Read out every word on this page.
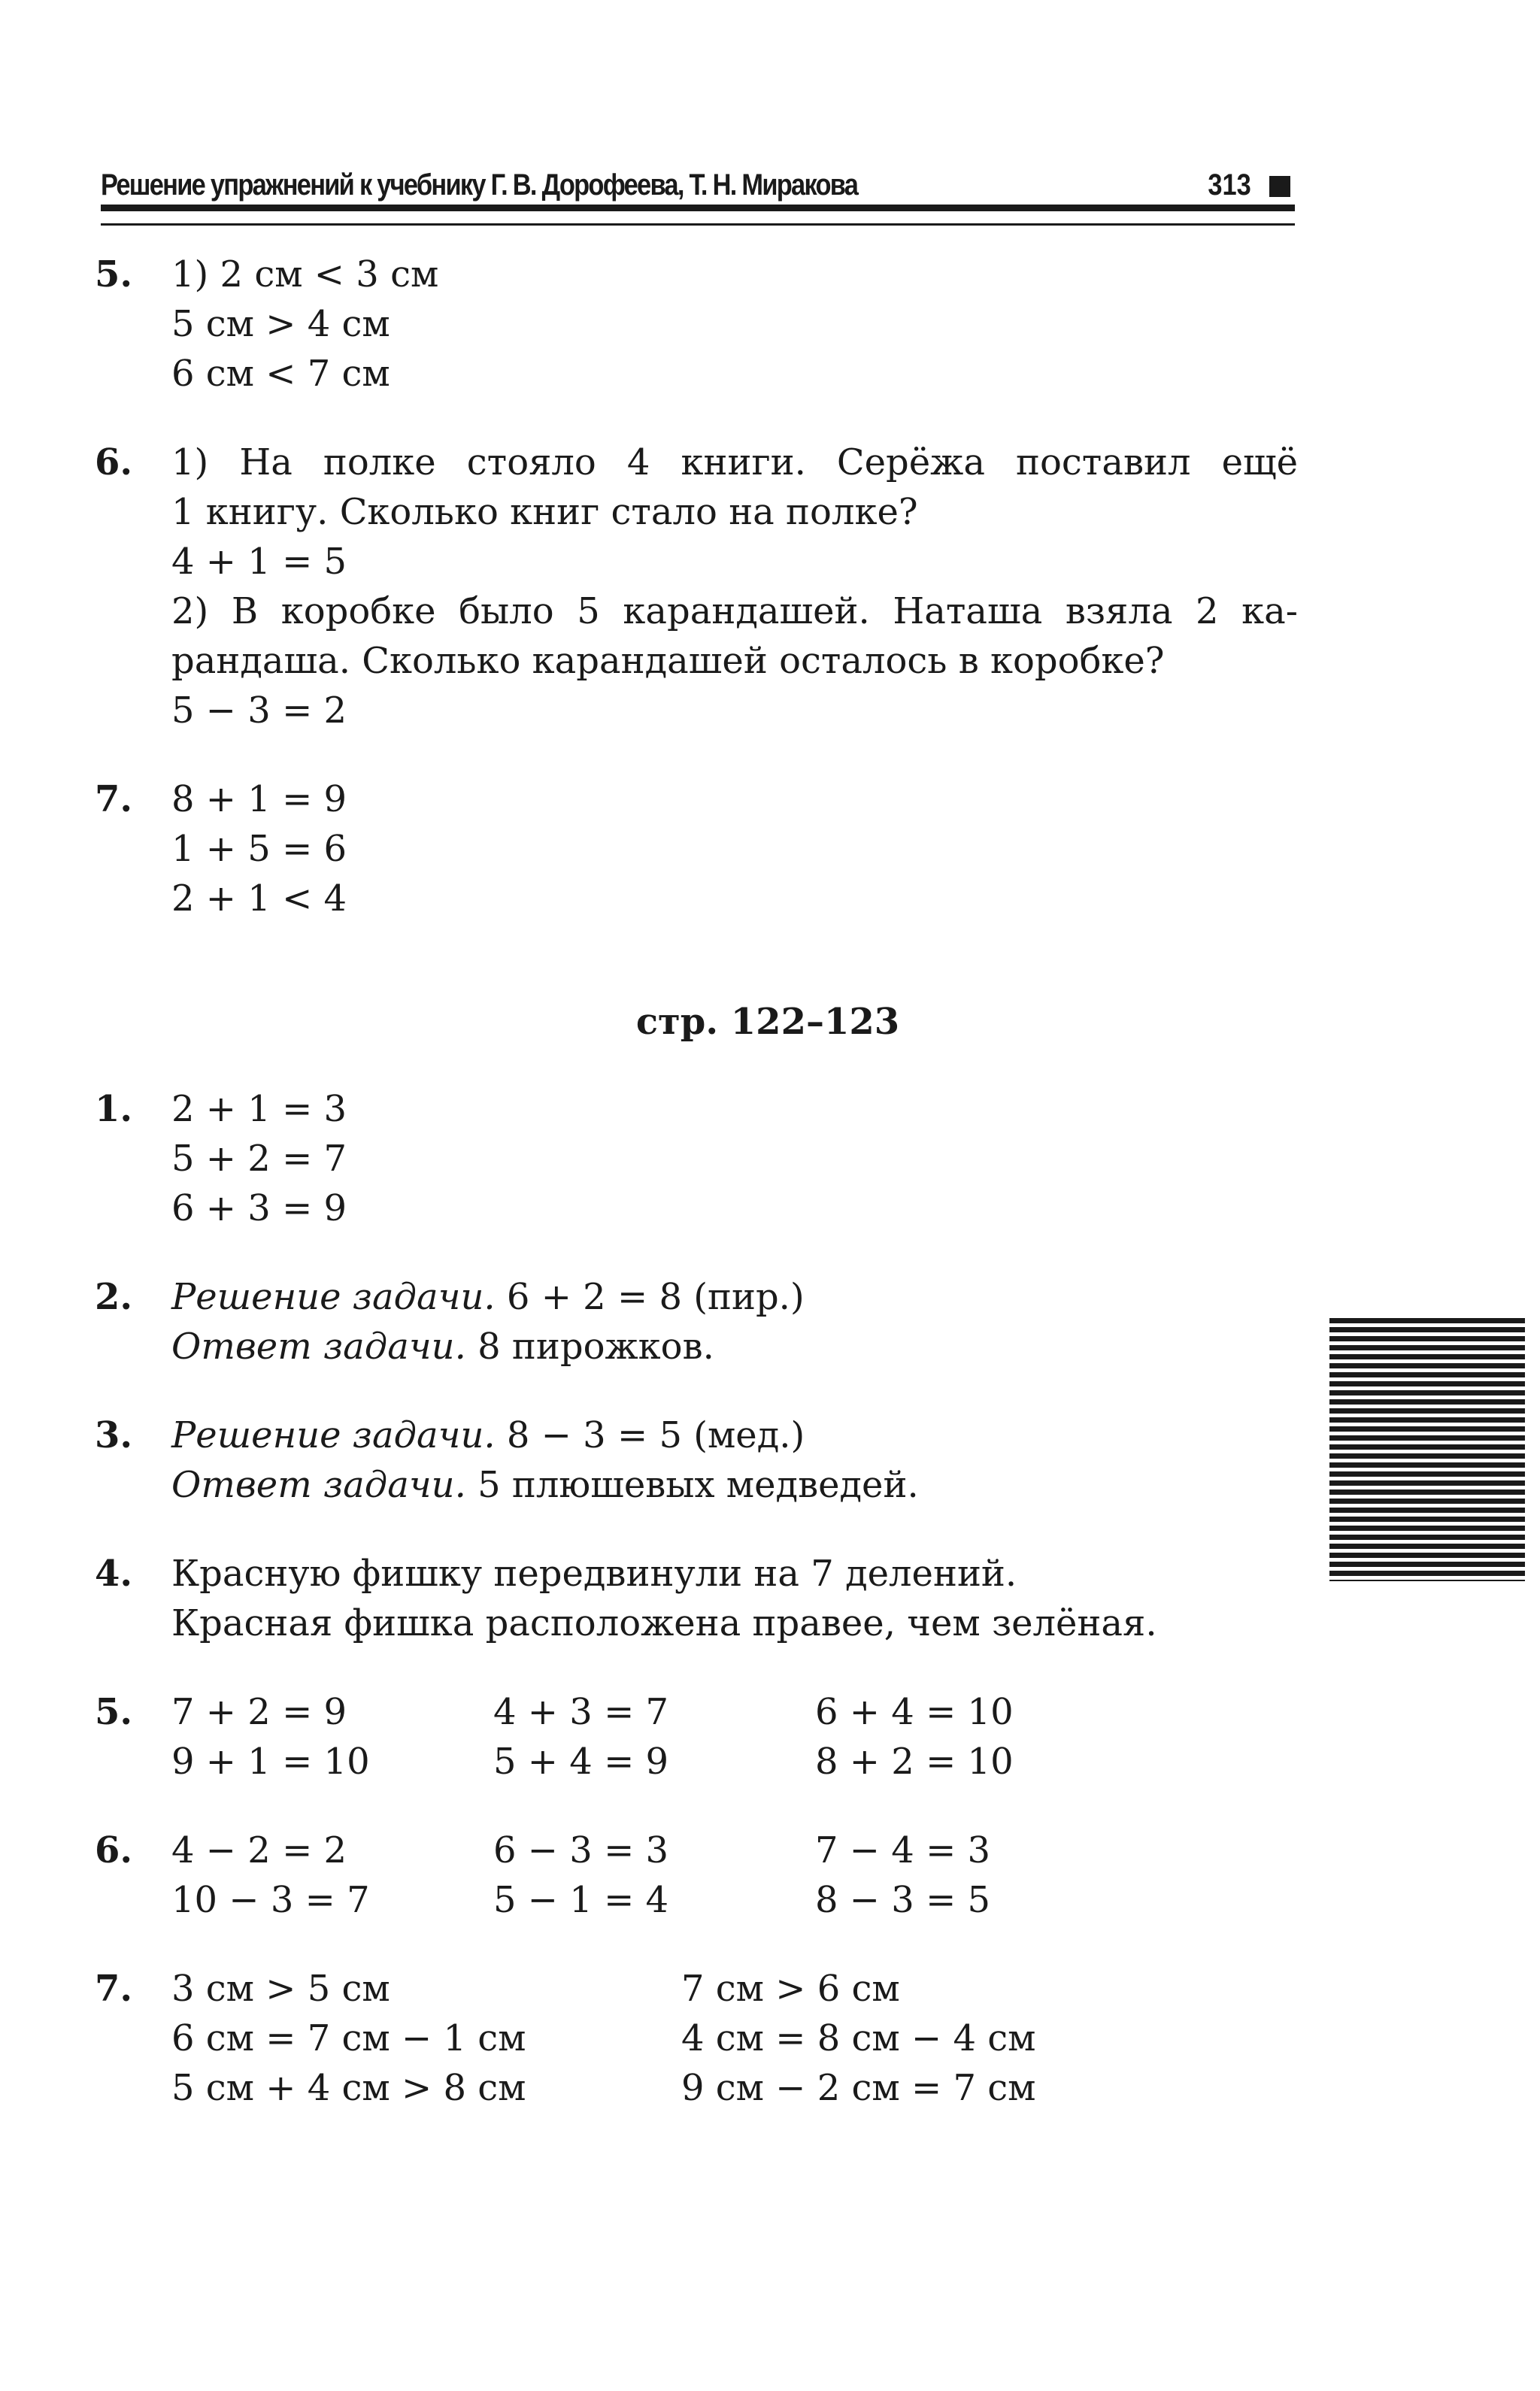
Решение упражнений к учебнику Г. В. Дорофеева, Т. Н. Миракова	313
5. 1) 2 см < 3 см
5 см > 4 см
6 см < 7 см
6. 1) На полке стояло 4 книги. Серёжа поставил ещё
1 книгу. Сколько книг стало на полке?
4 + 1 = 5
2) В коробке было 5 карандашей. Наташа взяла 2 ка-
рандаша. Сколько карандашей осталось в коробке?
5 − 3 = 2
7. 8 + 1 = 9
1 + 5 = 6
2 + 1 < 4
стр. 122–123
1. 2 + 1 = 3
5 + 2 = 7
6 + 3 = 9
2. Решение задачи. 6 + 2 = 8 (пир.)
Ответ задачи. 8 пирожков.
3. Решение задачи. 8 − 3 = 5 (мед.)
Ответ задачи. 5 плюшевых медведей.
4. Красную фишку передвинули на 7 делений.
Красная фишка расположена правее, чем зелёная.
5. 7 + 2 = 9	4 + 3 = 7	6 + 4 = 10
9 + 1 = 10	5 + 4 = 9	8 + 2 = 10
6. 4 − 2 = 2	6 − 3 = 3	7 − 4 = 3
10 − 3 = 7	5 − 1 = 4	8 − 3 = 5
7. 3 см > 5 см	7 см > 6 см
6 см = 7 см − 1 см	4 см = 8 см − 4 см
5 см + 4 см > 8 см	9 см − 2 см = 7 см
